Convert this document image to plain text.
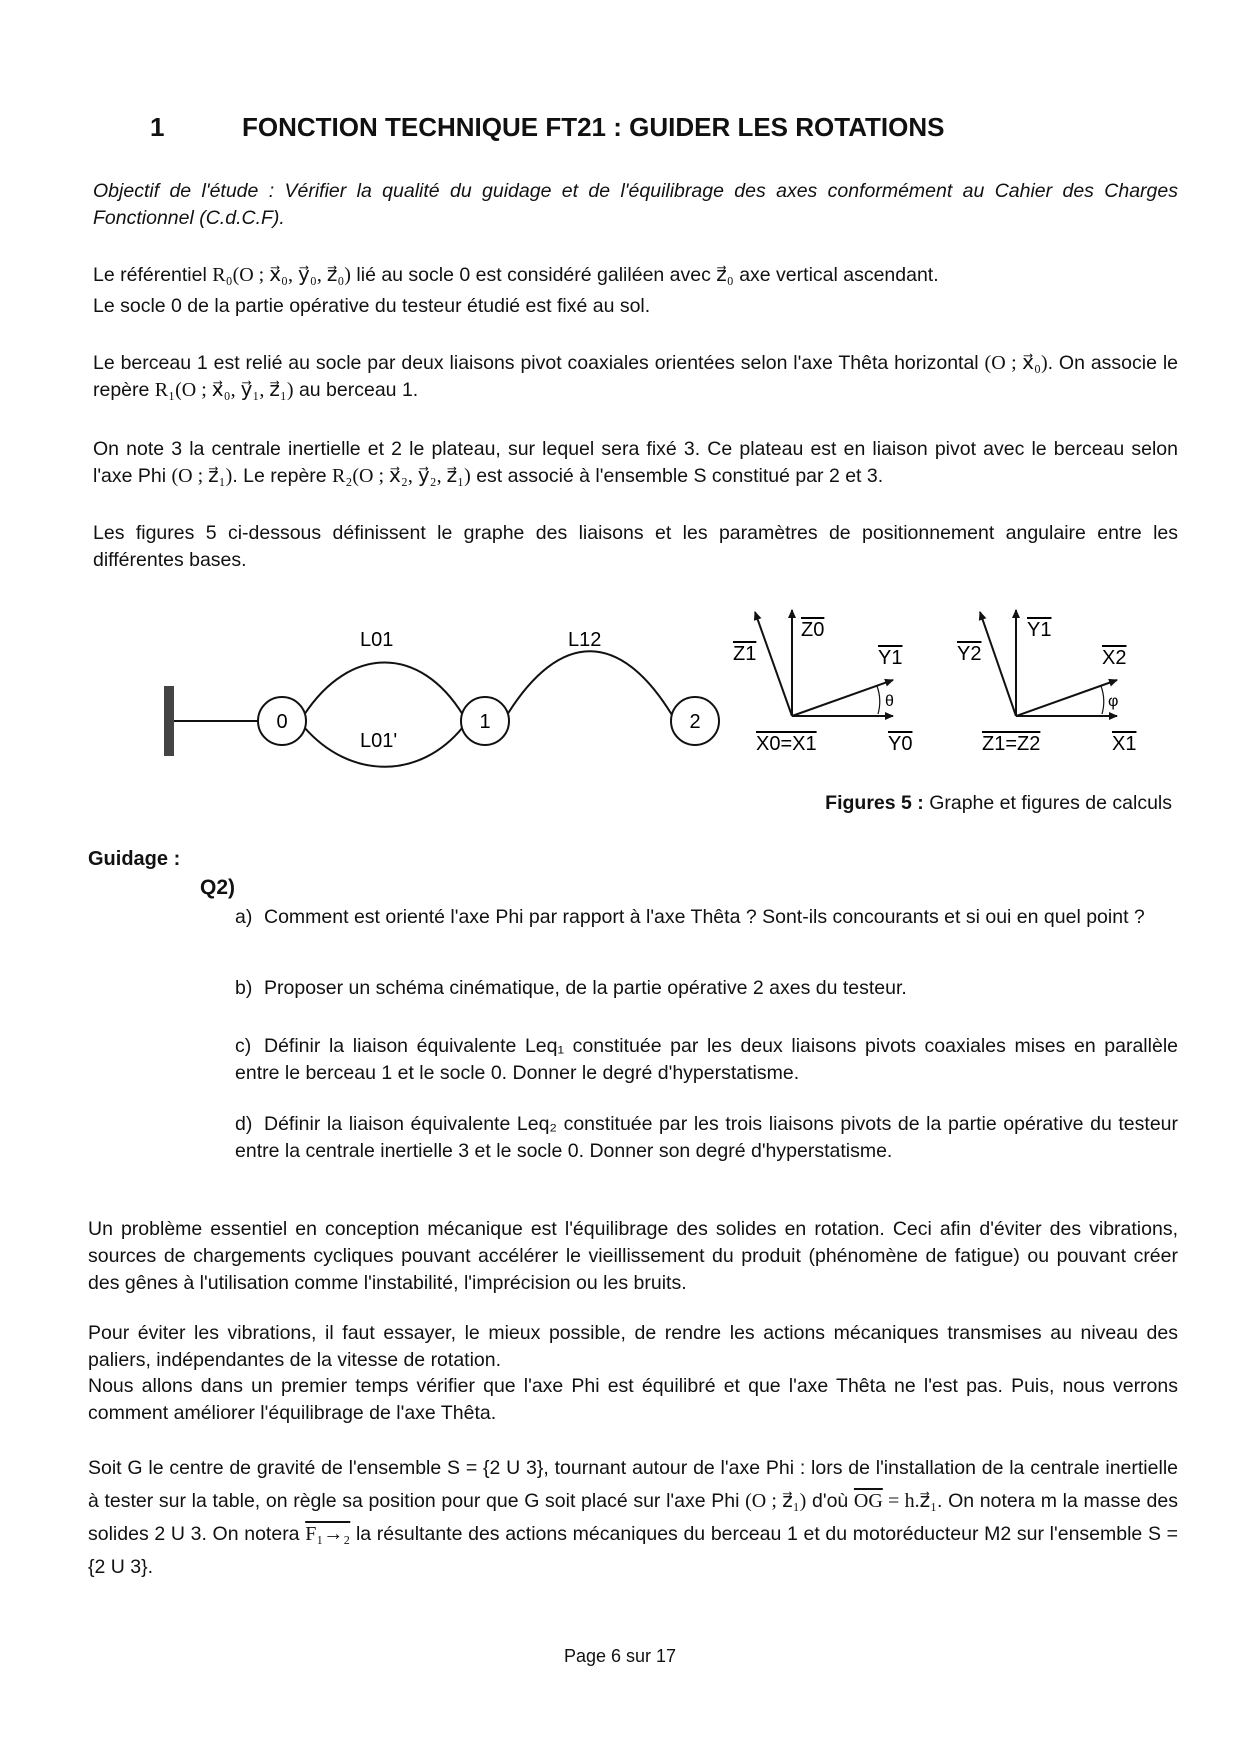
1	FONCTION TECHNIQUE FT21 : GUIDER LES ROTATIONS
Objectif de l'étude : Vérifier la qualité du guidage et de l'équilibrage des axes conformément au Cahier des Charges Fonctionnel (C.d.C.F).
Le référentiel R₀(O ; x⃗₀, y⃗₀, z⃗₀) lié au socle 0 est considéré galiléen avec z⃗₀ axe vertical ascendant.
Le socle 0 de la partie opérative du testeur étudié est fixé au sol.
Le berceau 1 est relié au socle par deux liaisons pivot coaxiales orientées selon l'axe Thêta horizontal (O ; x⃗₀). On associe le repère R₁(O ; x⃗₀, y⃗₁, z⃗₁) au berceau 1.
On note 3 la centrale inertielle et 2 le plateau, sur lequel sera fixé 3. Ce plateau est en liaison pivot avec le berceau selon l'axe Phi (O ; z⃗₁). Le repère R₂(O ; x⃗₂, y⃗₂, z⃗₁) est associé à l'ensemble S constitué par 2 et 3.
Les figures 5 ci-dessous définissent le graphe des liaisons et les paramètres de positionnement angulaire entre les différentes bases.
0	1	2
L01
L01'
L12	Z0
Z1	Y1
θ
X0=X1	Y0
Y1
Y2	X2
φ
Z1=Z2	X1
Figures 5 : Graphe et figures de calculs
Guidage :
Q2)
a) Comment est orienté l'axe Phi par rapport à l'axe Thêta ? Sont-ils concourants et si oui en quel point ?
b) Proposer un schéma cinématique, de la partie opérative 2 axes du testeur.
c) Définir la liaison équivalente Leq₁ constituée par les deux liaisons pivots coaxiales mises en parallèle entre le berceau 1 et le socle 0. Donner le degré d'hyperstatisme.
d) Définir la liaison équivalente Leq₂ constituée par les trois liaisons pivots de la partie opérative du testeur entre la centrale inertielle 3 et le socle 0. Donner son degré d'hyperstatisme.
Un problème essentiel en conception mécanique est l'équilibrage des solides en rotation. Ceci afin d'éviter des vibrations, sources de chargements cycliques pouvant accélérer le vieillissement du produit (phénomène de fatigue) ou pouvant créer des gênes à l'utilisation comme l'instabilité, l'imprécision ou les bruits.
Pour éviter les vibrations, il faut essayer, le mieux possible, de rendre les actions mécaniques transmises au niveau des paliers, indépendantes de la vitesse de rotation.
Nous allons dans un premier temps vérifier que l'axe Phi est équilibré et que l'axe Thêta ne l'est pas. Puis, nous verrons comment améliorer l'équilibrage de l'axe Thêta.
Soit G le centre de gravité de l'ensemble S = {2 U 3}, tournant autour de l'axe Phi : lors de l'installation de la centrale inertielle à tester sur la table, on règle sa position pour que G soit placé sur l'axe Phi (O ; z⃗₁) d'où $\overline{OG}$ = h.z⃗₁. On notera m la masse des solides 2 U 3. On notera F₁→₂ la résultante des actions mécaniques du berceau 1 et du motoréducteur M2 sur l'ensemble S = {2 U 3}.
Page 6 sur 17
